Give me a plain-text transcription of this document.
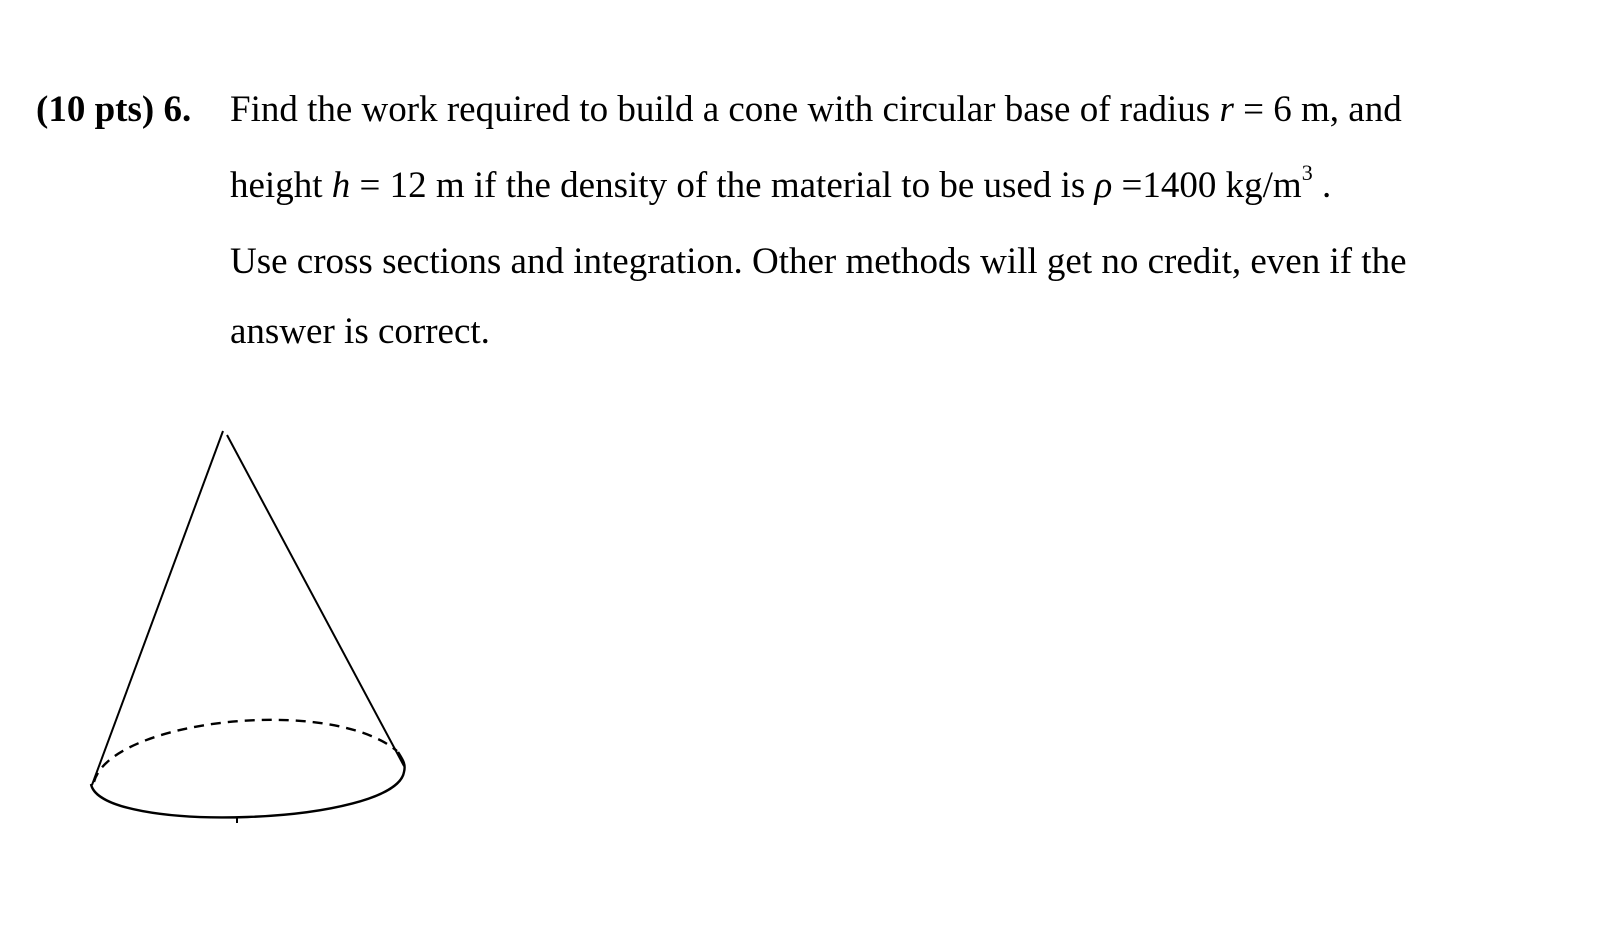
(10 pts) 6. Find the work required to build a cone with circular base of radius r = 6 m, and
height h = 12 m if the density of the material to be used is ρ =1400 $kg/m^3$ .
Use cross sections and integration. Other methods will get no credit, even if the
answer is correct.
